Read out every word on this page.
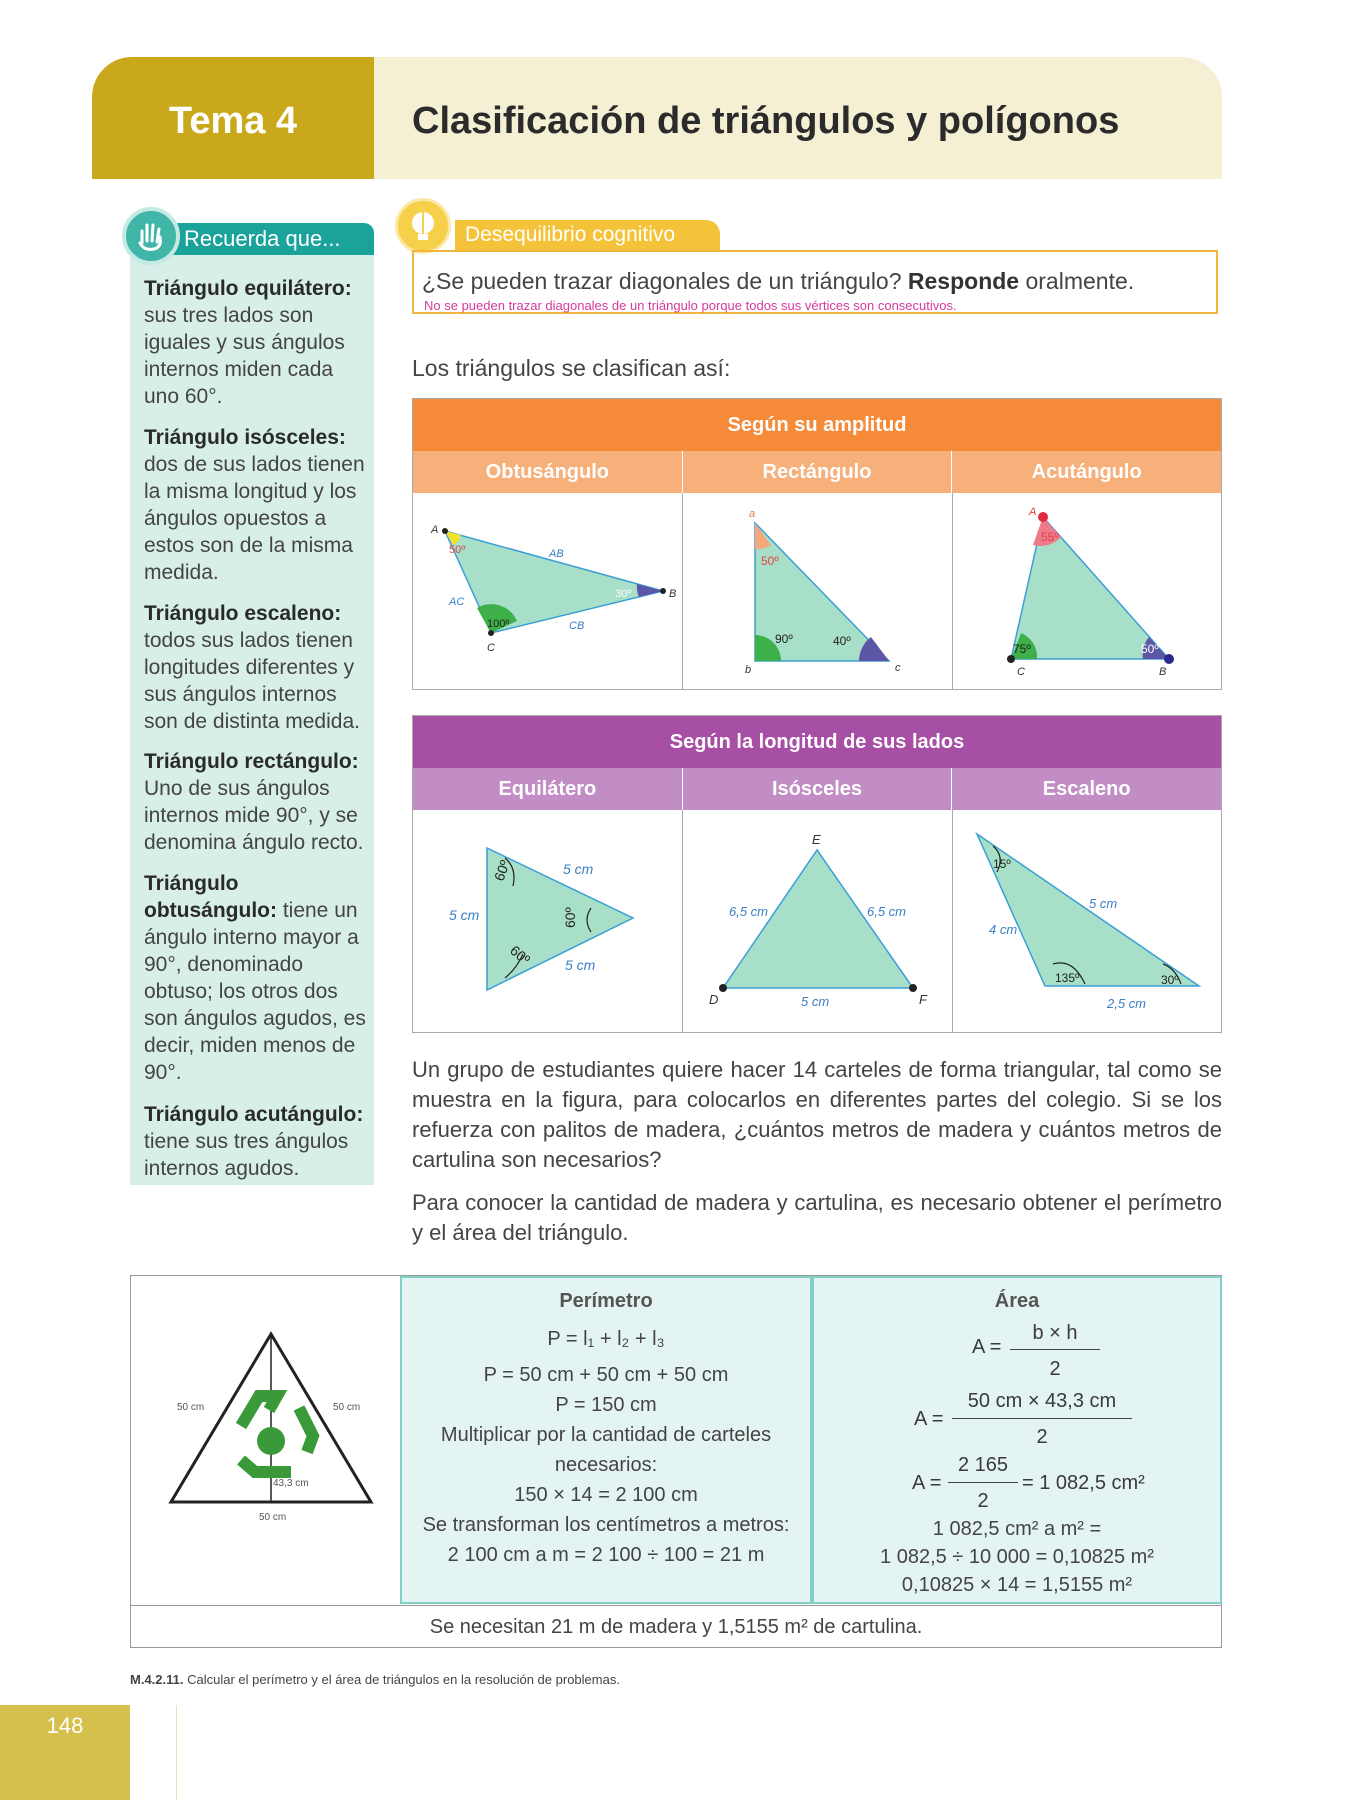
Tema 4	Clasificación de triángulos y polígonos
Recuerda que...
Triángulo equilátero:
sus tres lados son iguales y sus ángulos internos miden cada uno 60°.
Triángulo isósceles:
dos de sus lados tienen la misma longitud y los ángulos opuestos a estos son de la misma medida.
Triángulo escaleno:
todos sus lados tienen longitudes diferentes y sus ángulos internos son de distinta medida.
Triángulo rectángulo:
Uno de sus ángulos internos mide 90°, y se denomina ángulo recto.
Triángulo obtusángulo: tiene un ángulo interno mayor a 90°, denominado obtuso; los otros dos son ángulos agudos, es decir, miden menos de 90°.
Triángulo acutángulo:
tiene sus tres ángulos internos agudos.
Desequilibrio cognitivo
¿Se pueden trazar diagonales de un triángulo? Responde oralmente.
No se pueden trazar diagonales de un triángulo porque todos sus vértices son consecutivos.
Los triángulos se clasifican así:
Según su amplitud
Obtusángulo	Rectángulo	Acutángulo
A
B
C
AB
AC
CB
50º
30º
100º
a
b	c
50º
90º	40º
A
B
C
55º
75º	50º
Según la longitud de sus lados
Equilátero	Isósceles	Escaleno
5 cm
5 cm
5 cm
60º
60º
60º
E
D	F
6,5 cm	6,5 cm
5 cm
15º
135º	30º
4 cm
5 cm
2,5 cm
Un grupo de estudiantes quiere hacer 14 carteles de forma triangular, tal como se muestra en la figura, para colocarlos en diferentes partes del colegio. Si se los refuerza con palitos de madera, ¿cuántos metros de madera y cuántos metros de cartulina son necesarios?
Para conocer la cantidad de madera y cartulina, es necesario obtener el perímetro y el área del triángulo.
50 cm	50 cm
50 cm
43,3 cm
Perímetro
P = l₁ + l₂ + l₃
P = 50 cm + 50 cm + 50 cm
P = 150 cm
Multiplicar por la cantidad de carteles
necesarios:
150 × 14 = 2 100 cm
Se transforman los centímetros a metros:
2 100 cm a m = 2 100 ÷ 100 = 21 m
Área
A =
b × h
2
A =
50 cm × 43,3 cm
2
A =
2 165
2
= 1 082,5 cm²
1 082,5 cm² a m² =
1 082,5 ÷ 10 000 = 0,10825 m²
0,10825 × 14 = 1,5155 m²
Se necesitan 21 m de madera y 1,5155 m² de cartulina.
M.4.2.11. Calcular el perímetro y el área de triángulos en la resolución de problemas.
148
